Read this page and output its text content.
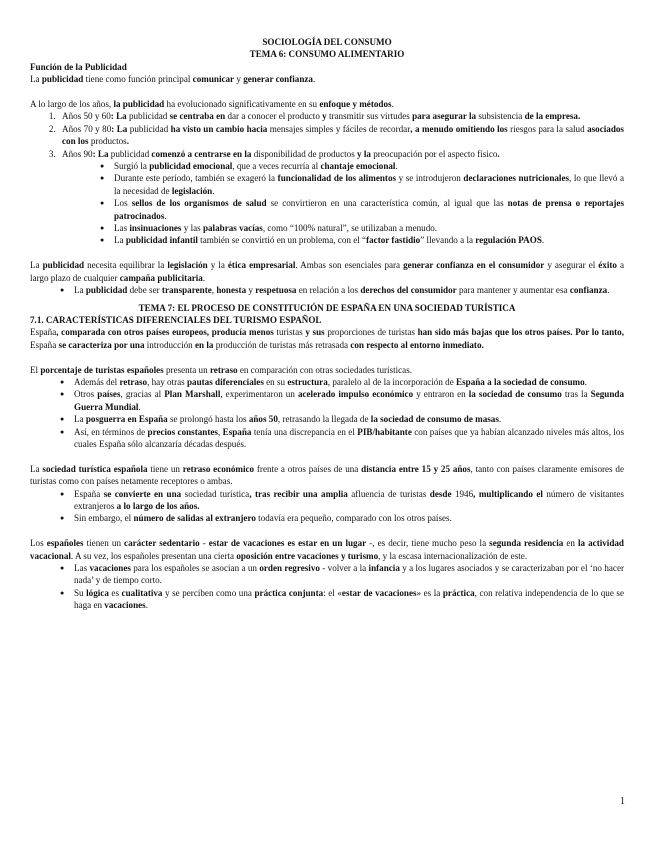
SOCIOLOGÍA DEL CONSUMO
TEMA 6: CONSUMO ALIMENTARIO
Función de la Publicidad
La publicidad tiene como función principal comunicar y generar confianza.
A lo largo de los años, la publicidad ha evolucionado significativamente en su enfoque y métodos.
1. Años 50 y 60: La publicidad se centraba en dar a conocer el producto y transmitir sus virtudes para asegurar la subsistencia de la empresa.
2. Años 70 y 80: La publicidad ha visto un cambio hacia mensajes simples y fáciles de recordar, a menudo omitiendo los riesgos para la salud asociados con los productos.
3. Años 90: La publicidad comenzó a centrarse en la disponibilidad de productos y la preocupación por el aspecto físico.
● Surgió la publicidad emocional, que a veces recurría al chantaje emocional.
● Durante este período, también se exageró la funcionalidad de los alimentos y se introdujeron declaraciones nutricionales, lo que llevó a la necesidad de legislación.
● Los sellos de los organismos de salud se convirtieron en una característica común, al igual que las notas de prensa o reportajes patrocinados.
● Las insinuaciones y las palabras vacías, como “100% natural”, se utilizaban a menudo.
● La publicidad infantil también se convirtió en un problema, con el “factor fastidio” llevando a la regulación PAOS.
La publicidad necesita equilibrar la legislación y la ética empresarial. Ambas son esenciales para generar confianza en el consumidor y asegurar el éxito a largo plazo de cualquier campaña publicitaria.
● La publicidad debe ser transparente, honesta y respetuosa en relación a los derechos del consumidor para mantener y aumentar esa confianza.
TEMA 7: EL PROCESO DE CONSTITUCIÓN DE ESPAÑA EN UNA SOCIEDAD TURÍSTICA
7.1. CARACTERÍSTICAS DIFERENCIALES DEL TURISMO ESPAÑOL
España, comparada con otros países europeos, producía menos turistas y sus proporciones de turistas han sido más bajas que los otros países. Por lo tanto, España se caracteriza por una introducción en la producción de turistas más retrasada con respecto al entorno inmediato.
El porcentaje de turistas españoles presenta un retraso en comparación con otras sociedades turísticas.
● Además del retraso, hay otras pautas diferenciales en su estructura, paralelo al de la incorporación de España a la sociedad de consumo.
● Otros países, gracias al Plan Marshall, experimentaron un acelerado impulso económico y entraron en la sociedad de consumo tras la Segunda Guerra Mundial.
● La posguerra en España se prolongó hasta los años 50, retrasando la llegada de la sociedad de consumo de masas.
● Así, en términos de precios constantes, España tenía una discrepancia en el PIB/habitante con países que ya habían alcanzado niveles más altos, los cuales España sólo alcanzaría décadas después.
La sociedad turística española tiene un retraso económico frente a otros países de una distancia entre 15 y 25 años, tanto con países claramente emisores de turistas como con países netamente receptores o ambas.
● España se convierte en una sociedad turística, tras recibir una amplia afluencia de turistas desde 1946, multiplicando el número de visitantes extranjeros a lo largo de los años.
● Sin embargo, el número de salidas al extranjero todavía era pequeño, comparado con los otros países.
Los españoles tienen un carácter sedentario - estar de vacaciones es estar en un lugar -, es decir, tiene mucho peso la segunda residencia en la actividad vacacional. A su vez, los españoles presentan una cierta oposición entre vacaciones y turismo, y la escasa internacionalización de este.
● Las vacaciones para los españoles se asocian a un orden regresivo - volver a la infancia y a los lugares asociados y se caracterizaban por el ‘no hacer nada’ y de tiempo corto.
● Su lógica es cualitativa y se perciben como una práctica conjunta: el «estar de vacaciones» es la práctica, con relativa independencia de lo que se haga en vacaciones.
1
